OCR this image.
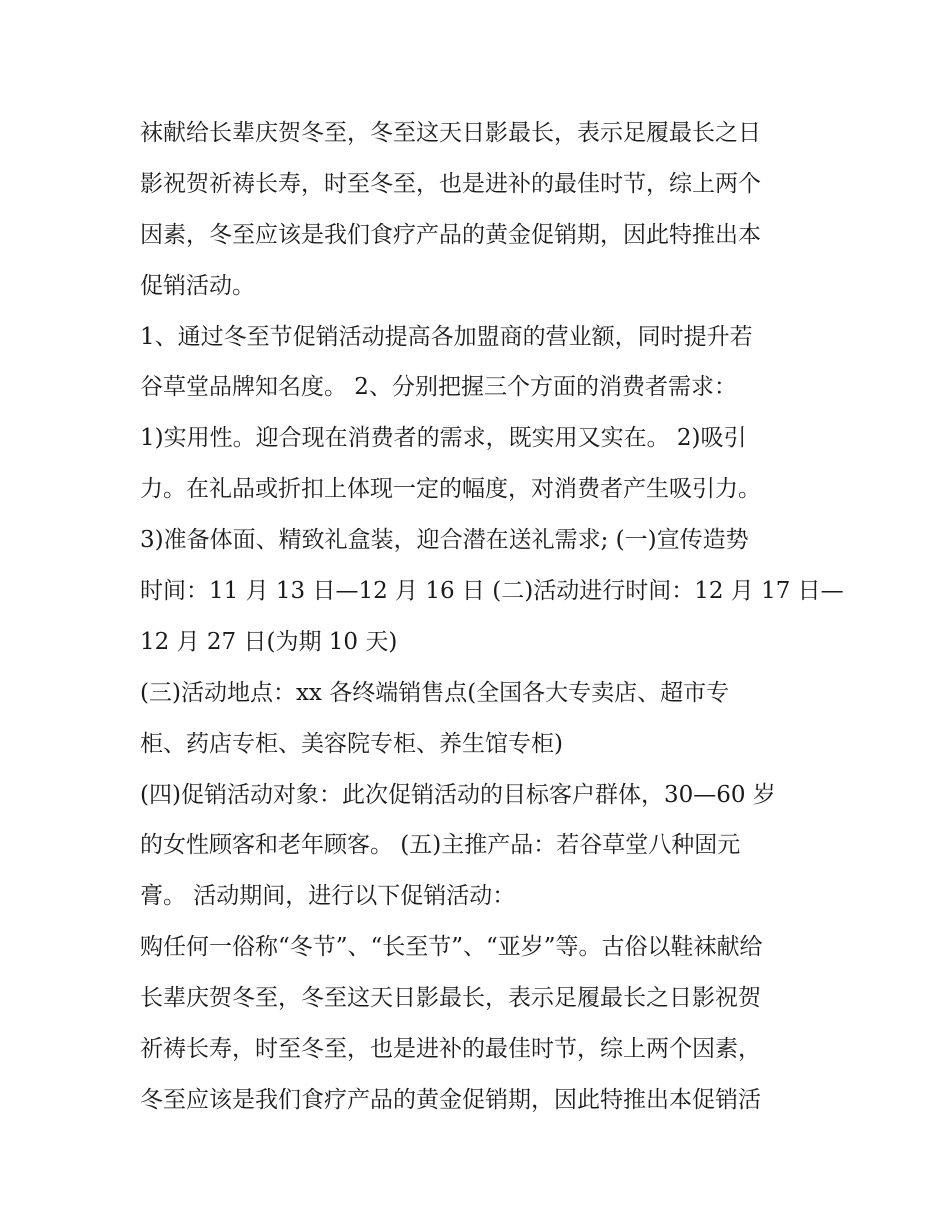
袜献给长辈庆贺冬至，冬至这天日影最长，表示足履最长之日
影祝贺祈祷长寿，时至冬至，也是进补的最佳时节，综上两个
因素，冬至应该是我们食疗产品的黄金促销期，因此特推出本
促销活动。
1、通过冬至节促销活动提高各加盟商的营业额，同时提升若
谷草堂品牌知名度。 2、分别把握三个方面的消费者需求：
1)实用性。迎合现在消费者的需求，既实用又实在。 2)吸引
力。在礼品或折扣上体现一定的幅度，对消费者产生吸引力。
3)准备体面、精致礼盒装，迎合潜在送礼需求; (一)宣传造势
时间：11 月 13 日—12 月 16 日 (二)活动进行时间：12 月 17 日—
12 月 27 日(为期 10 天)
(三)活动地点：xx 各终端销售点(全国各大专卖店、超市专
柜、药店专柜、美容院专柜、养生馆专柜)
(四)促销活动对象：此次促销活动的目标客户群体，30—60 岁
的女性顾客和老年顾客。 (五)主推产品：若谷草堂八种固元
膏。 活动期间，进行以下促销活动：
购任何一俗称“冬节”、“长至节”、“亚岁”等。古俗以鞋袜献给
长辈庆贺冬至，冬至这天日影最长，表示足履最长之日影祝贺
祈祷长寿，时至冬至，也是进补的最佳时节，综上两个因素，
冬至应该是我们食疗产品的黄金促销期，因此特推出本促销活
